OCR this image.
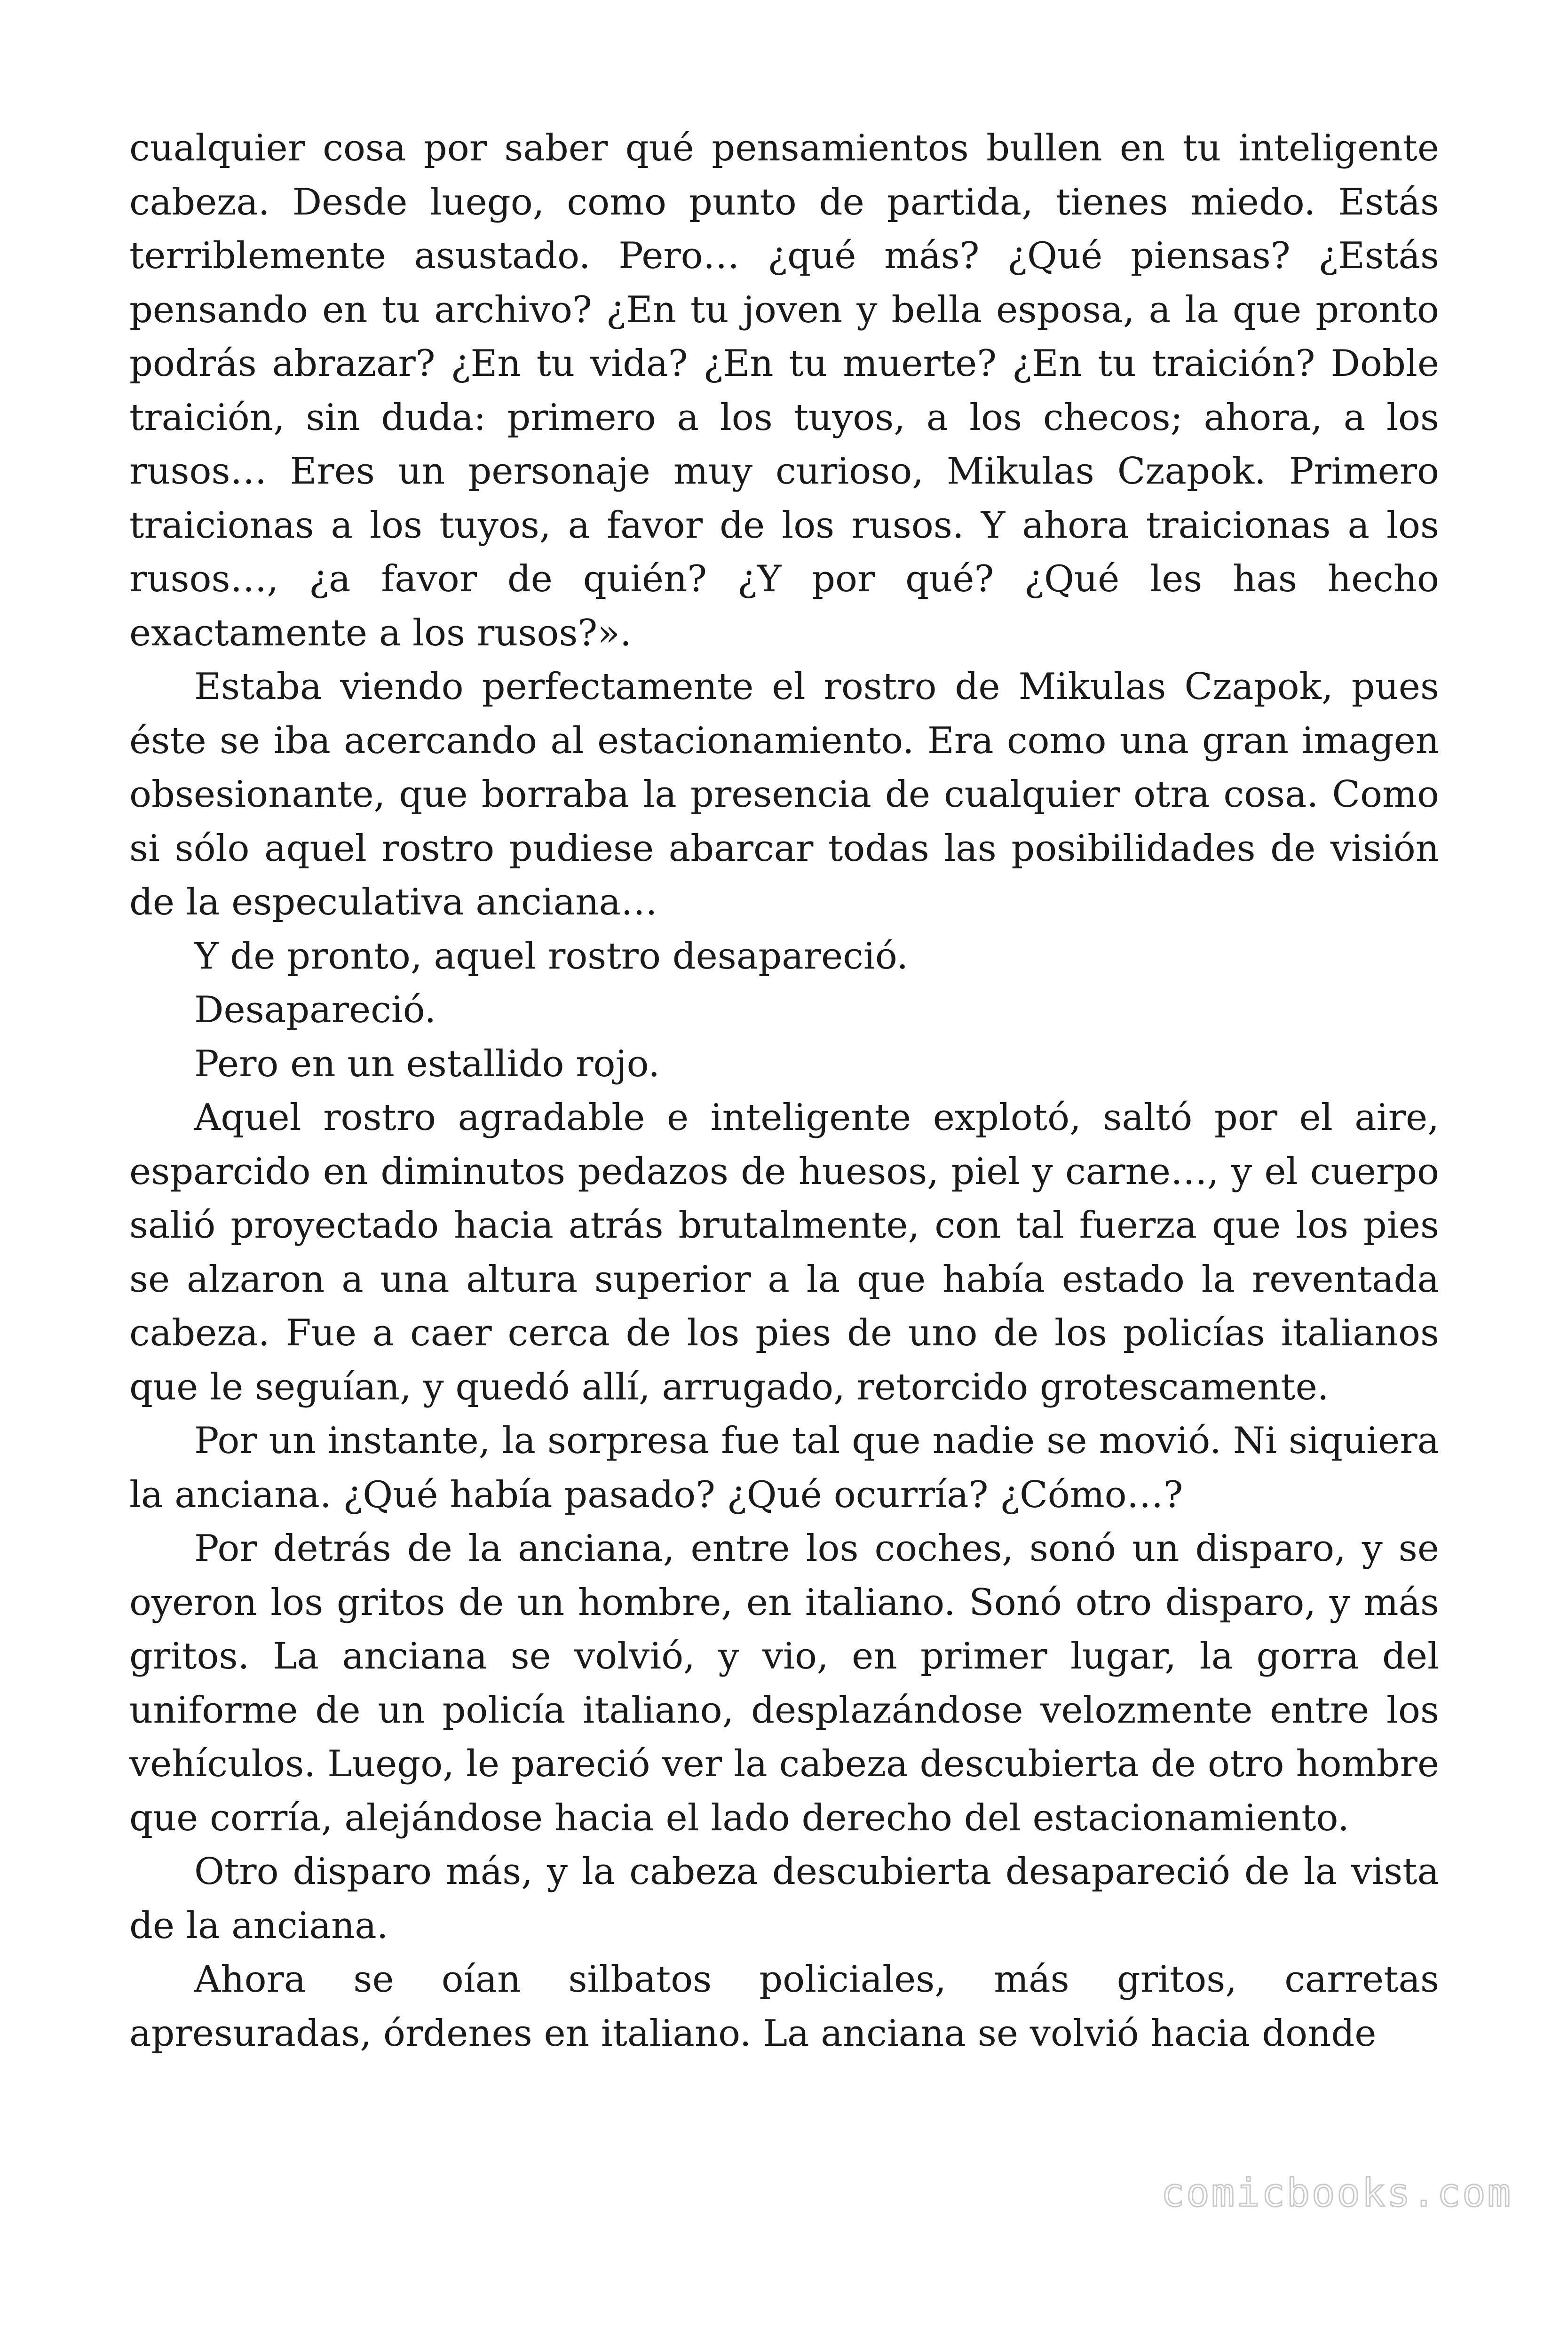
cualquier cosa por saber qué pensamientos bullen en tu inteligente cabeza. Desde luego, como punto de partida, tienes miedo. Estás terriblemente asustado. Pero… ¿qué más? ¿Qué piensas? ¿Estás pensando en tu archivo? ¿En tu joven y bella esposa, a la que pronto podrás abrazar? ¿En tu vida? ¿En tu muerte? ¿En tu traición? Doble traición, sin duda: primero a los tuyos, a los checos; ahora, a los rusos… Eres un personaje muy curioso, Mikulas Czapok. Primero traicionas a los tuyos, a favor de los rusos. Y ahora traicionas a los rusos…, ¿a favor de quién? ¿Y por qué? ¿Qué les has hecho exactamente a los rusos?».

Estaba viendo perfectamente el rostro de Mikulas Czapok, pues éste se iba acercando al estacionamiento. Era como una gran imagen obsesionante, que borraba la presencia de cualquier otra cosa. Como si sólo aquel rostro pudiese abarcar todas las posibilidades de visión de la especulativa anciana…

Y de pronto, aquel rostro desapareció.

Desapareció.

Pero en un estallido rojo.

Aquel rostro agradable e inteligente explotó, saltó por el aire, esparcido en diminutos pedazos de huesos, piel y carne…, y el cuerpo salió proyectado hacia atrás brutalmente, con tal fuerza que los pies se alzaron a una altura superior a la que había estado la reventada cabeza. Fue a caer cerca de los pies de uno de los policías italianos que le seguían, y quedó allí, arrugado, retorcido grotescamente.

Por un instante, la sorpresa fue tal que nadie se movió. Ni siquiera la anciana. ¿Qué había pasado? ¿Qué ocurría? ¿Cómo…?

Por detrás de la anciana, entre los coches, sonó un disparo, y se oyeron los gritos de un hombre, en italiano. Sonó otro disparo, y más gritos. La anciana se volvió, y vio, en primer lugar, la gorra del uniforme de un policía italiano, desplazándose velozmente entre los vehículos. Luego, le pareció ver la cabeza descubierta de otro hombre que corría, alejándose hacia el lado derecho del estacionamiento.

Otro disparo más, y la cabeza descubierta desapareció de la vista de la anciana.

Ahora se oían silbatos policiales, más gritos, carretas apresuradas, órdenes en italiano. La anciana se volvió hacia donde

comicbooks.com
